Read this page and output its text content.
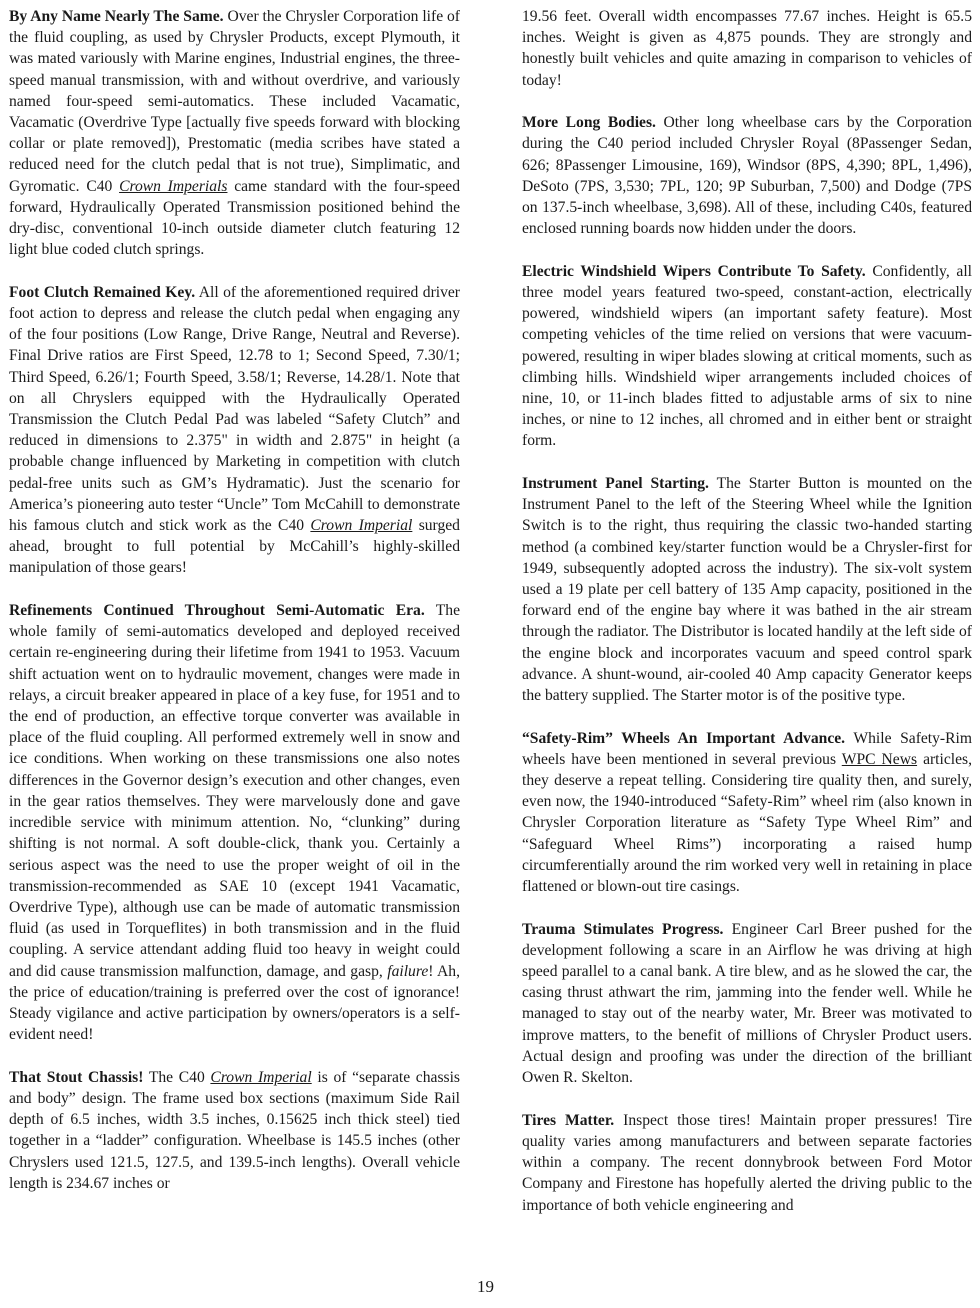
By Any Name Nearly The Same. Over the Chrysler Corporation life of the fluid coupling, as used by Chrysler Products, except Plymouth, it was mated variously with Marine engines, Industrial engines, the three-speed manual transmission, with and without overdrive, and variously named four-speed semi-automatics. These included Vacamatic, Vacamatic (Overdrive Type [actually five speeds forward with blocking collar or plate removed]), Prestomatic (media scribes have stated a reduced need for the clutch pedal that is not true), Simplimatic, and Gyromatic. C40 Crown Imperials came standard with the four-speed forward, Hydraulically Operated Transmission positioned behind the dry-disc, conventional 10-inch outside diameter clutch featuring 12 light blue coded clutch springs.

Foot Clutch Remained Key. All of the aforementioned required driver foot action to depress and release the clutch pedal when engaging any of the four positions (Low Range, Drive Range, Neutral and Reverse). Final Drive ratios are First Speed, 12.78 to 1; Second Speed, 7.30/1; Third Speed, 6.26/1; Fourth Speed, 3.58/1; Reverse, 14.28/1. Note that on all Chryslers equipped with the Hydraulically Operated Transmission the Clutch Pedal Pad was labeled “Safety Clutch” and reduced in dimensions to 2.375" in width and 2.875" in height (a probable change influenced by Marketing in competition with clutch pedal-free units such as GM’s Hydramatic). Just the scenario for America’s pioneering auto tester “Uncle” Tom McCahill to demonstrate his famous clutch and stick work as the C40 Crown Imperial surged ahead, brought to full potential by McCahill’s highly-skilled manipulation of those gears!

Refinements Continued Throughout Semi-Automatic Era. The whole family of semi-automatics developed and deployed received certain re-engineering during their lifetime from 1941 to 1953. Vacuum shift actuation went on to hydraulic movement, changes were made in relays, a circuit breaker appeared in place of a key fuse, for 1951 and to the end of production, an effective torque converter was available in place of the fluid coupling. All performed extremely well in snow and ice conditions. When working on these transmissions one also notes differences in the Governor design’s execution and other changes, even in the gear ratios themselves. They were marvelously done and gave incredible service with minimum attention. No, “clunking” during shifting is not normal. A soft double-click, thank you. Certainly a serious aspect was the need to use the proper weight of oil in the transmission-recommended as SAE 10 (except 1941 Vacamatic, Overdrive Type), although use can be made of automatic transmission fluid (as used in Torqueflites) in both transmission and in the fluid coupling. A service attendant adding fluid too heavy in weight could and did cause transmission malfunction, damage, and gasp, failure! Ah, the price of education/training is preferred over the cost of ignorance! Steady vigilance and active participation by owners/operators is a self-evident need!

That Stout Chassis! The C40 Crown Imperial is of “separate chassis and body” design. The frame used box sections (maximum Side Rail depth of 6.5 inches, width 3.5 inches, 0.15625 inch thick steel) tied together in a “ladder” configuration. Wheelbase is 145.5 inches (other Chryslers used 121.5, 127.5, and 139.5-inch lengths). Overall vehicle length is 234.67 inches or

19

19.56 feet. Overall width encompasses 77.67 inches. Height is 65.5 inches. Weight is given as 4,875 pounds. They are strongly and honestly built vehicles and quite amazing in comparison to vehicles of today!

More Long Bodies. Other long wheelbase cars by the Corporation during the C40 period included Chrysler Royal (8Passenger Sedan, 626; 8Passenger Limousine, 169), Windsor (8PS, 4,390; 8PL, 1,496), DeSoto (7PS, 3,530; 7PL, 120; 9P Suburban, 7,500) and Dodge (7PS on 137.5-inch wheelbase, 3,698). All of these, including C40s, featured enclosed running boards now hidden under the doors.

Electric Windshield Wipers Contribute To Safety. Confidently, all three model years featured two-speed, constant-action, electrically powered, windshield wipers (an important safety feature). Most competing vehicles of the time relied on versions that were vacuum-powered, resulting in wiper blades slowing at critical moments, such as climbing hills. Windshield wiper arrangements included choices of nine, 10, or 11-inch blades fitted to adjustable arms of six to nine inches, or nine to 12 inches, all chromed and in either bent or straight form.

Instrument Panel Starting. The Starter Button is mounted on the Instrument Panel to the left of the Steering Wheel while the Ignition Switch is to the right, thus requiring the classic two-handed starting method (a combined key/starter function would be a Chrysler-first for 1949, subsequently adopted across the industry). The six-volt system used a 19 plate per cell battery of 135 Amp capacity, positioned in the forward end of the engine bay where it was bathed in the air stream through the radiator. The Distributor is located handily at the left side of the engine block and incorporates vacuum and speed control spark advance. A shunt-wound, air-cooled 40 Amp capacity Generator keeps the battery supplied. The Starter motor is of the positive type.

“Safety-Rim” Wheels An Important Advance. While Safety-Rim wheels have been mentioned in several previous WPC News articles, they deserve a repeat telling. Considering tire quality then, and surely, even now, the 1940-introduced “Safety-Rim” wheel rim (also known in Chrysler Corporation literature as “Safety Type Wheel Rim” and “Safeguard Wheel Rims”) incorporating a raised hump circumferentially around the rim worked very well in retaining in place flattened or blown-out tire casings.

Trauma Stimulates Progress. Engineer Carl Breer pushed for the development following a scare in an Airflow he was driving at high speed parallel to a canal bank. A tire blew, and as he slowed the car, the casing thrust athwart the rim, jamming into the fender well. While he managed to stay out of the nearby water, Mr. Breer was motivated to improve matters, to the benefit of millions of Chrysler Product users. Actual design and proofing was under the direction of the brilliant Owen R. Skelton.

Tires Matter. Inspect those tires! Maintain proper pressures! Tire quality varies among manufacturers and between separate factories within a company. The recent donnybrook between Ford Motor Company and Firestone has hopefully alerted the driving public to the importance of both vehicle engineering and
